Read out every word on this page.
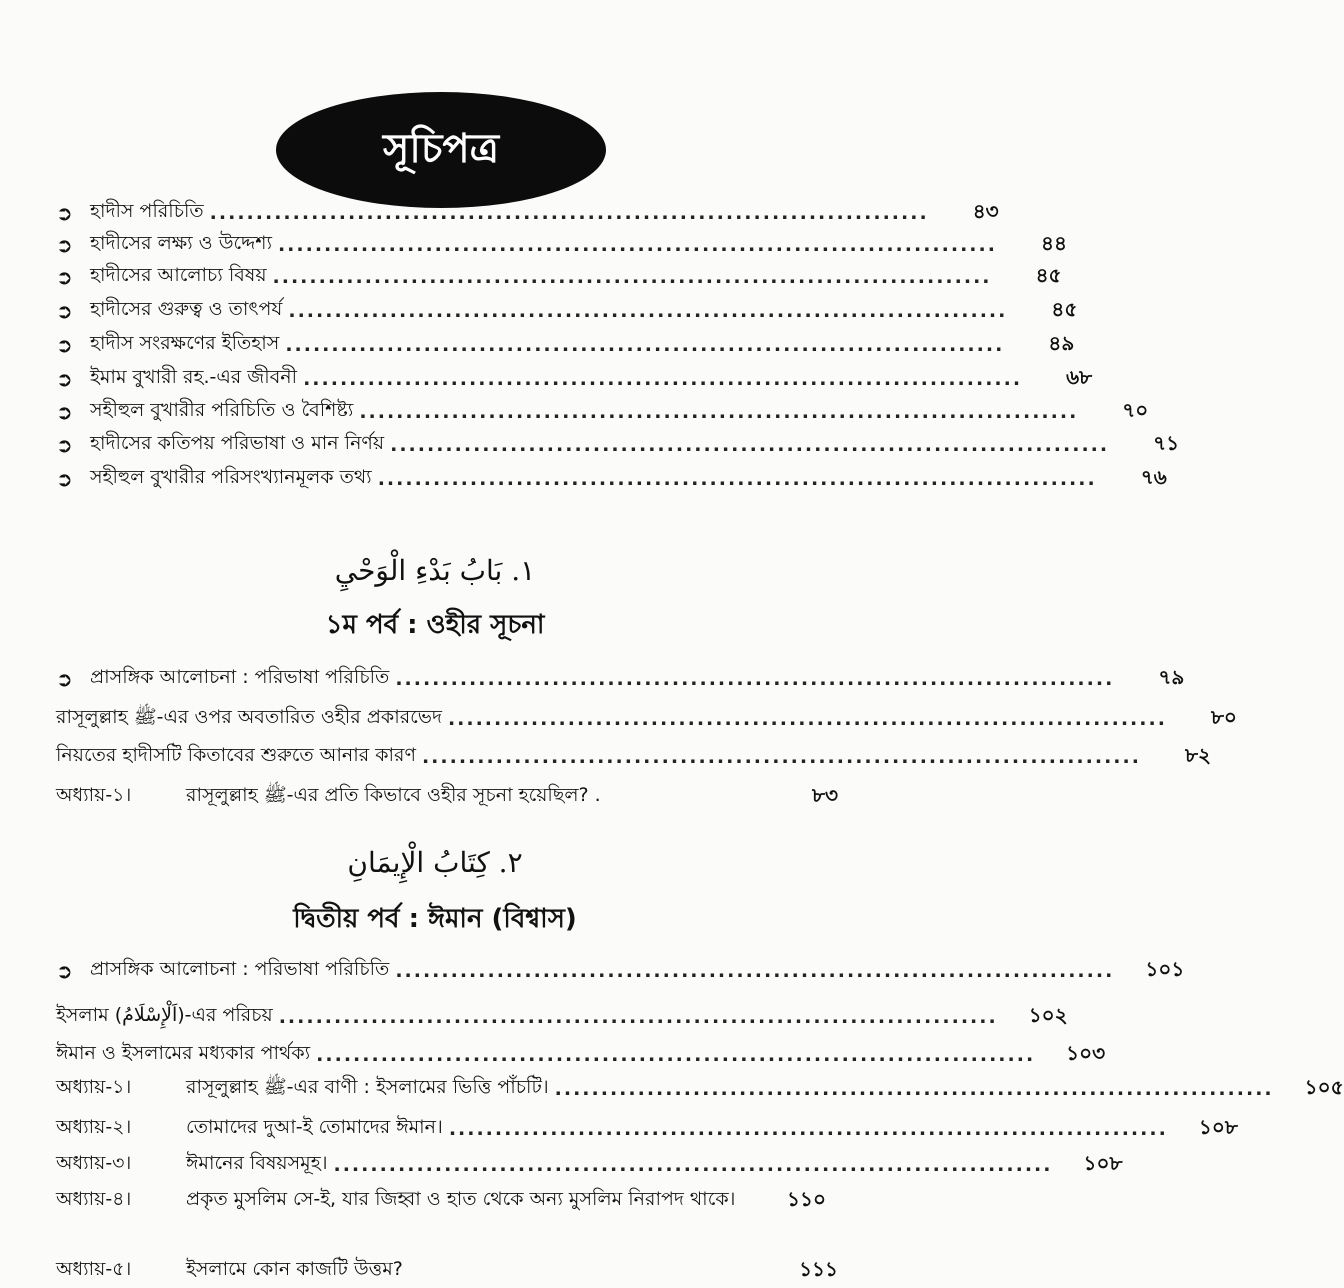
সূচিপত্র
➲ হাদীস পরিচিতি ..............................................................................	৪৩
➲ হাদীসের লক্ষ্য ও উদ্দেশ্য ..............................................................................	৪৪
➲ হাদীসের আলোচ্য বিষয় ..............................................................................	৪৫
➲ হাদীসের গুরুত্ব ও তাৎপর্য ..............................................................................	৪৫
➲ হাদীস সংরক্ষণের ইতিহাস ..............................................................................	৪৯
➲ ইমাম বুখারী রহ.-এর জীবনী ..............................................................................	৬৮
➲ সহীহুল বুখারীর পরিচিতি ও বৈশিষ্ট্য ..............................................................................	৭০
➲ হাদীসের কতিপয় পরিভাষা ও মান নির্ণয় ..............................................................................	৭১
➲ সহীহুল বুখারীর পরিসংখ্যানমূলক তথ্য ..............................................................................	৭৬
١. بَابُ بَدْءِ الْوَحْيِ
১ম পর্ব : ওহীর সূচনা
➲ প্রাসঙ্গিক আলোচনা : পরিভাষা পরিচিতি ..............................................................................	৭৯
রাসূলুল্লাহ ﷺ-এর ওপর অবতারিত ওহীর প্রকারভেদ ..............................................................................	৮০
নিয়তের হাদীসটি কিতাবের শুরুতে আনার কারণ ..............................................................................	৮২
অধ্যায়-১।	রাসূলুল্লাহ ﷺ-এর প্রতি কিভাবে ওহীর সূচনা হয়েছিল? .	৮৩
٢. كِتَابُ الْإِيمَانِ
দ্বিতীয় পর্ব : ঈমান (বিশ্বাস)
➲ প্রাসঙ্গিক আলোচনা : পরিভাষা পরিচিতি ..............................................................................	১০১
ইসলাম (اَلْإِسْلَامُ)-এর পরিচয় ..............................................................................	১০২
ঈমান ও ইসলামের মধ্যকার পার্থক্য ..............................................................................	১০৩
অধ্যায়-১।	রাসূলুল্লাহ ﷺ-এর বাণী : ইসলামের ভিত্তি পাঁচটি। ..............................................................................	১০৫
অধ্যায়-২।	তোমাদের দুআ-ই তোমাদের ঈমান। ..............................................................................	১০৮
অধ্যায়-৩।	ঈমানের বিষয়সমূহ। ..............................................................................	১০৮
অধ্যায়-৪।	প্রকৃত মুসলিম সে-ই, যার জিহ্বা ও হাত থেকে অন্য মুসলিম নিরাপদ থাকে।	১১০
অধ্যায়-৫।	ইসলামে কোন কাজটি উত্তম?	১১১
